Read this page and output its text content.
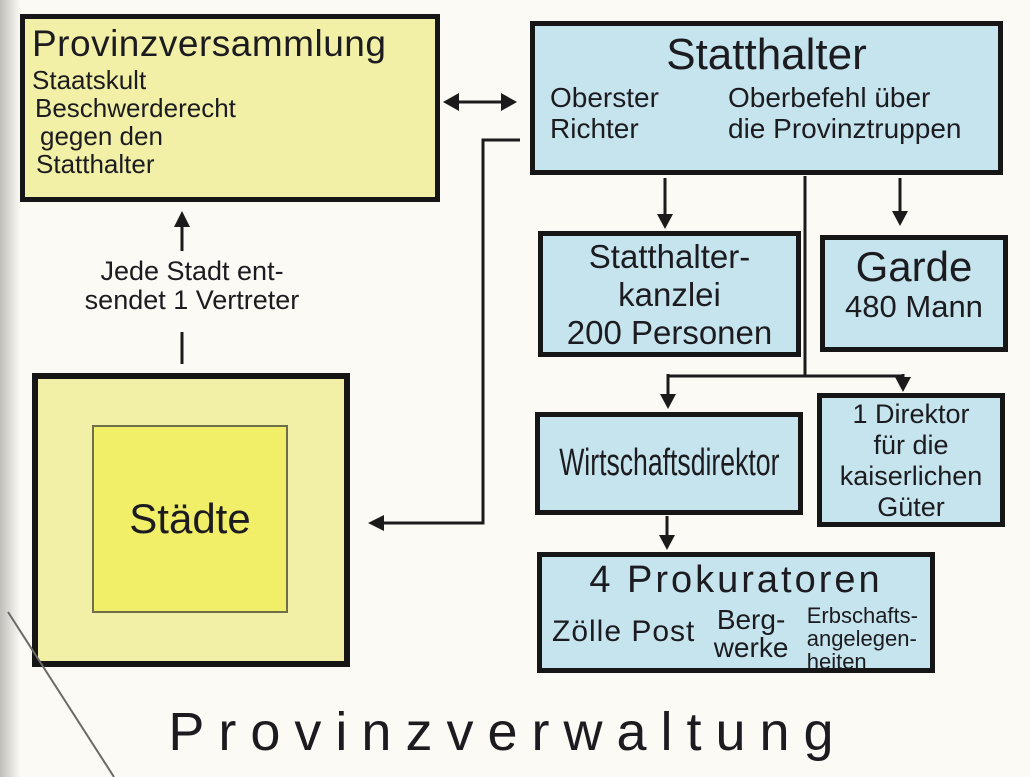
Provinzversammlung
Staatskult
Beschwerderecht
gegen den
Statthalter
Statthalter
Oberster
Richter
Oberbefehl über
die Provinztruppen
Statthalter-
kanzlei
200 Personen
Garde
480 Mann
Wirtschaftsdirektor
1 Direktor
für die
kaiserlichen
Güter
4 Prokuratoren
Zölle Post Berg-
werke
Erbschafts-
angelegen-
heiten
Städte
Jede Stadt ent-
sendet 1 Vertreter
Provinzverwaltung
